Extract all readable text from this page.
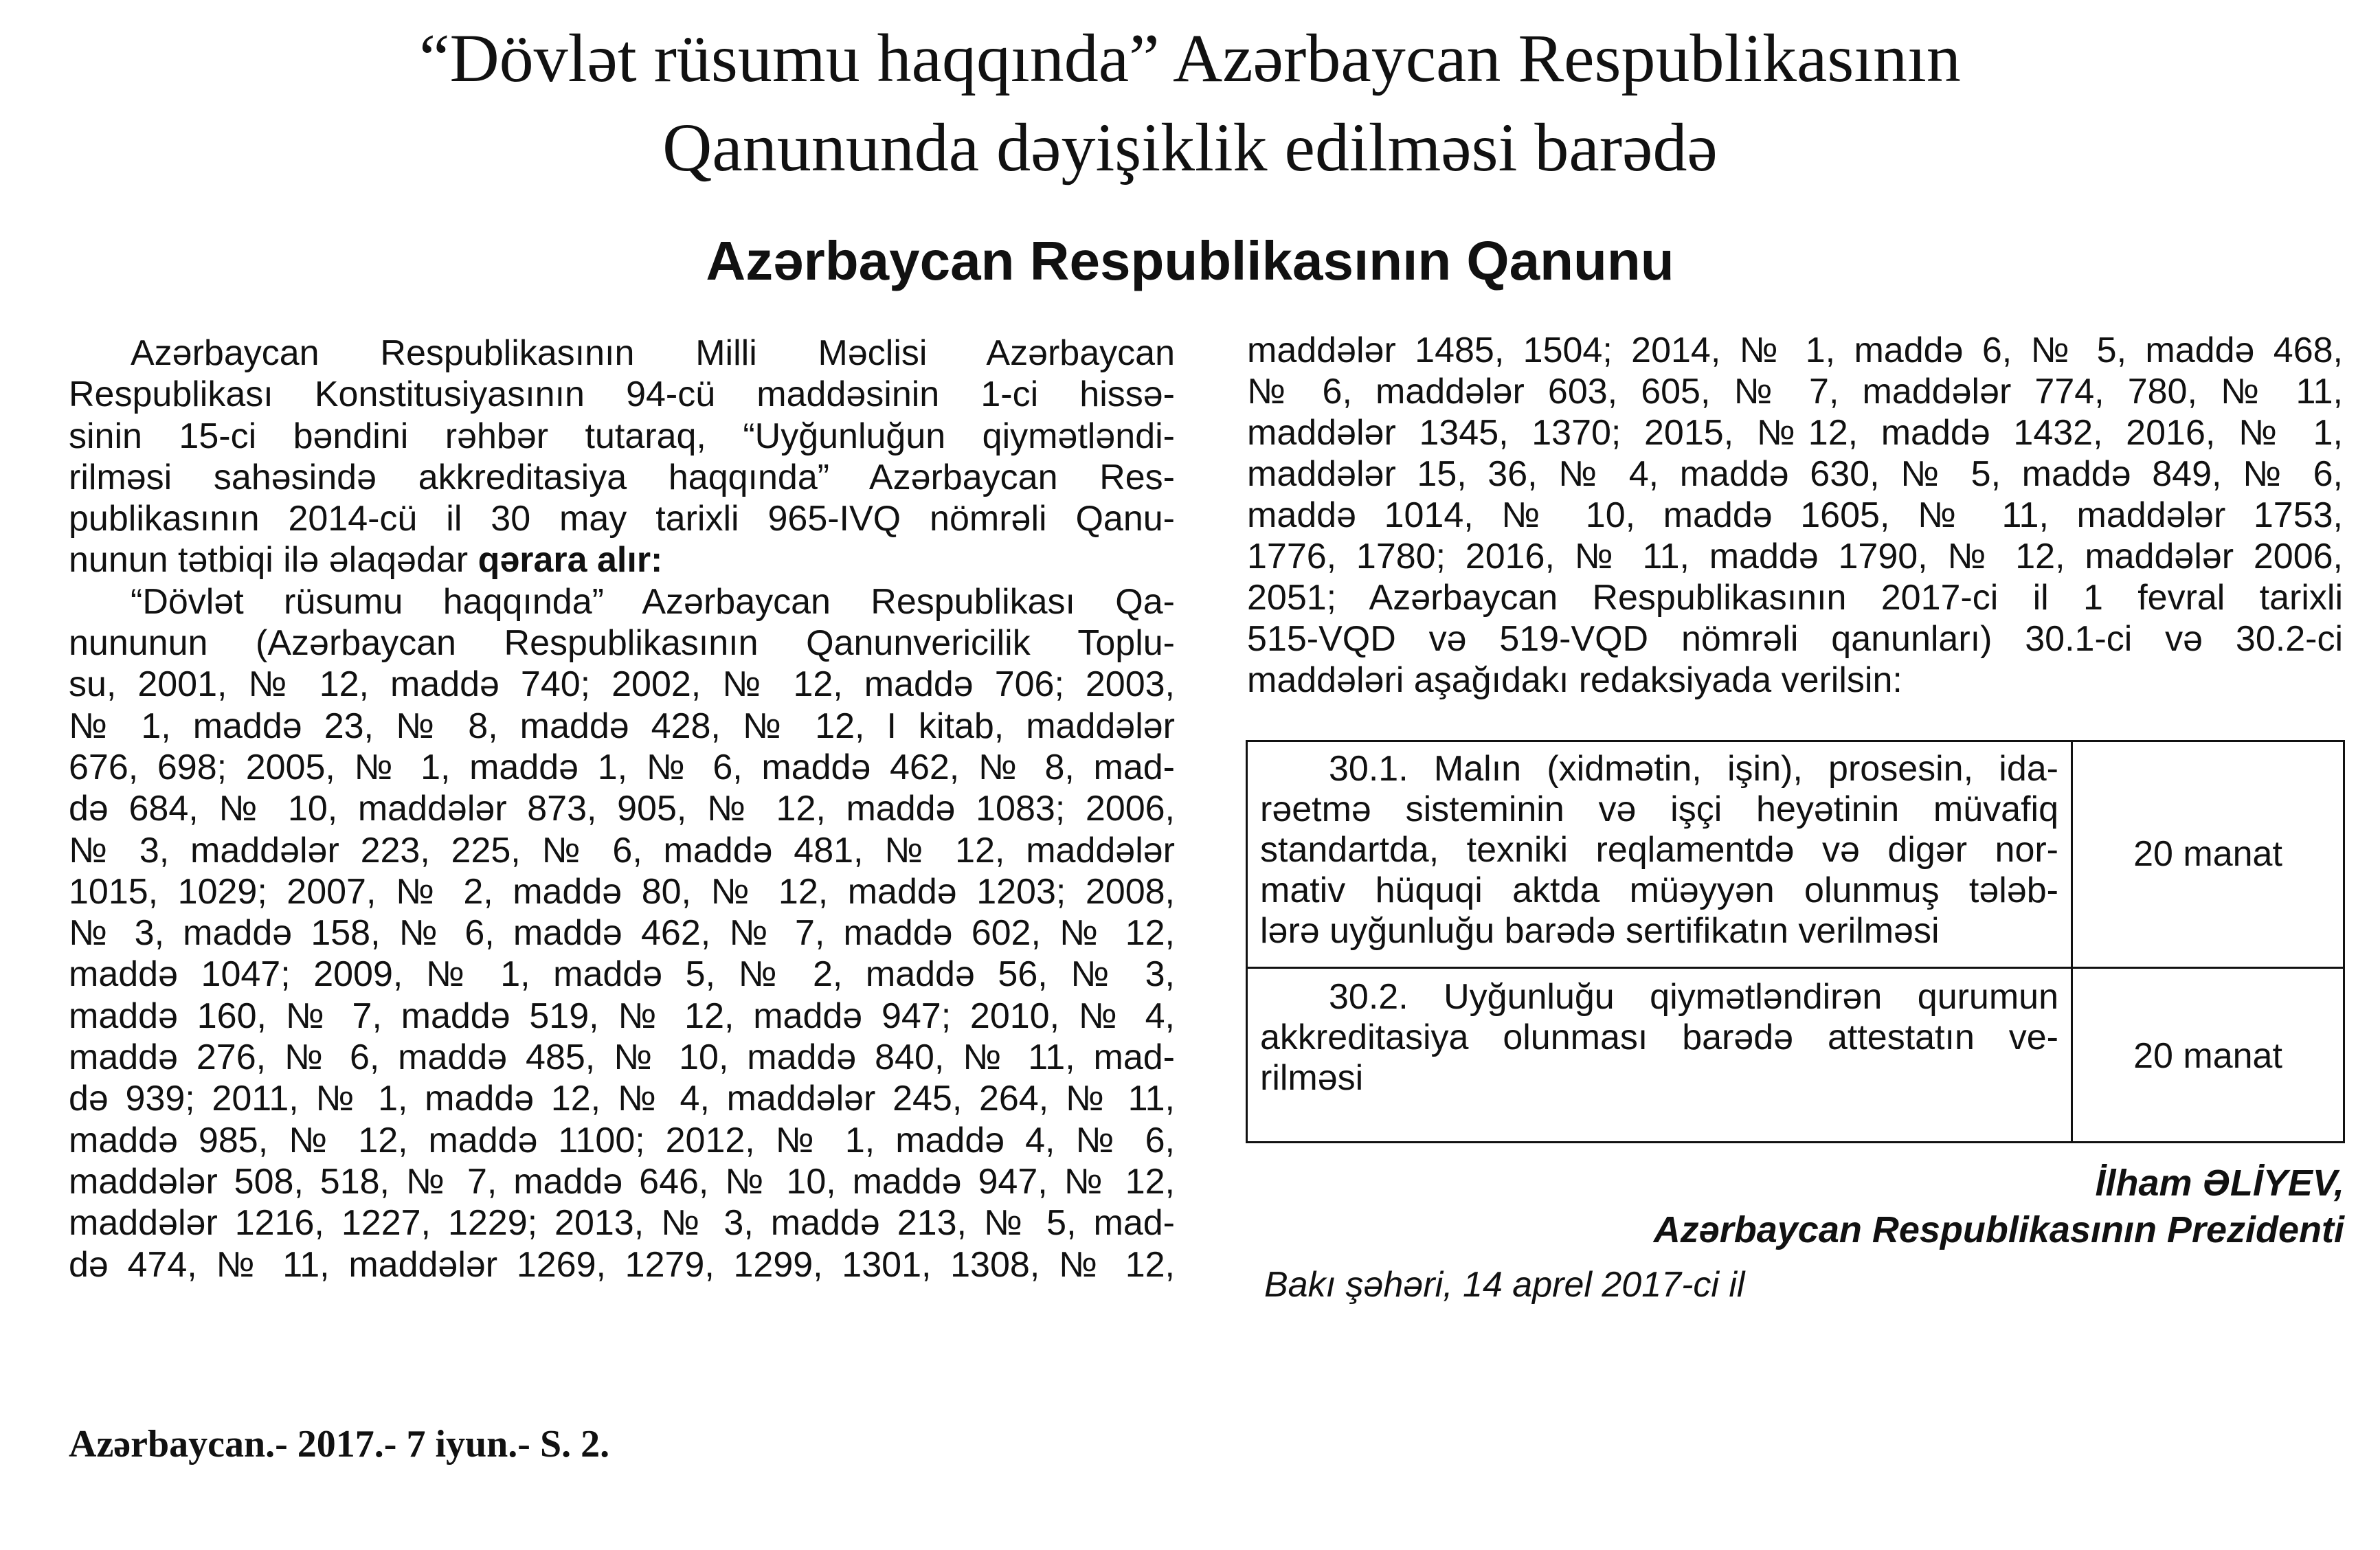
“Dövlət rüsumu haqqında” Azərbaycan Respublikasının
Qanununda dəyişiklik edilməsi barədə
Azərbaycan Respublikasının Qanunu
Azərbaycan Respublikasının Milli Məclisi Azərbaycan
Respublikası Konstitusiyasının 94-cü maddəsinin 1-ci hissə-
sinin 15-ci bəndini rəhbər tutaraq, “Uyğunluğun qiymətləndi-
rilməsi sahəsində akkreditasiya haqqında” Azərbaycan Res-
publikasının 2014-cü il 30 may tarixli 965-IVQ nömrəli Qanu-
nunun tətbiqi ilə əlaqədar qərara alır:
“Dövlət rüsumu haqqında” Azərbaycan Respublikası Qa-
nununun (Azərbaycan Respublikasının Qanunvericilik Toplu-
su, 2001, № 12, maddə 740; 2002, № 12, maddə 706; 2003,
№ 1, maddə 23, № 8, maddə 428, № 12, I kitab, maddələr
676, 698; 2005, № 1, maddə 1, № 6, maddə 462, № 8, mad-
də 684, № 10, maddələr 873, 905, № 12, maddə 1083; 2006,
№ 3, maddələr 223, 225, № 6, maddə 481, № 12, maddələr
1015, 1029; 2007, № 2, maddə 80, № 12, maddə 1203; 2008,
№ 3, maddə 158, № 6, maddə 462, № 7, maddə 602, № 12,
maddə 1047; 2009, № 1, maddə 5, № 2, maddə 56, № 3,
maddə 160, № 7, maddə 519, № 12, maddə 947; 2010, № 4,
maddə 276, № 6, maddə 485, № 10, maddə 840, № 11, mad-
də 939; 2011, № 1, maddə 12, № 4, maddələr 245, 264, № 11,
maddə 985, № 12, maddə 1100; 2012, № 1, maddə 4, № 6,
maddələr 508, 518, № 7, maddə 646, № 10, maddə 947, № 12,
maddələr 1216, 1227, 1229; 2013, № 3, maddə 213, № 5, mad-
də 474, № 11, maddələr 1269, 1279, 1299, 1301, 1308, № 12,
maddələr 1485, 1504; 2014, № 1, maddə 6, № 5, maddə 468,
№ 6, maddələr 603, 605, № 7, maddələr 774, 780, № 11,
maddələr 1345, 1370; 2015, №12, maddə 1432, 2016, № 1,
maddələr 15, 36, № 4, maddə 630, № 5, maddə 849, № 6,
maddə 1014, № 10, maddə 1605, № 11, maddələr 1753,
1776, 1780; 2016, № 11, maddə 1790, № 12, maddələr 2006,
2051; Azərbaycan Respublikasının 2017-ci il 1 fevral tarixli
515-VQD və 519-VQD nömrəli qanunları) 30.1-ci və 30.2-ci
maddələri aşağıdakı redaksiyada verilsin:
30.1. Malın (xidmətin, işin), prosesin, ida-
rəetmə sisteminin və işçi heyətinin müvafiq
standartda, texniki reqlamentdə və digər nor-
mativ hüquqi aktda müəyyən olunmuş tələb-
lərə uyğunluğu barədə sertifikatın verilməsi
20 manat
30.2. Uyğunluğu qiymətləndirən qurumun
akkreditasiya olunması barədə attestatın ve-
rilməsi
20 manat
İlham ƏLİYEV,
Azərbaycan Respublikasının Prezidenti
Bakı şəhəri, 14 aprel 2017-ci il
Azərbaycan.- 2017.- 7 iyun.- S. 2.
